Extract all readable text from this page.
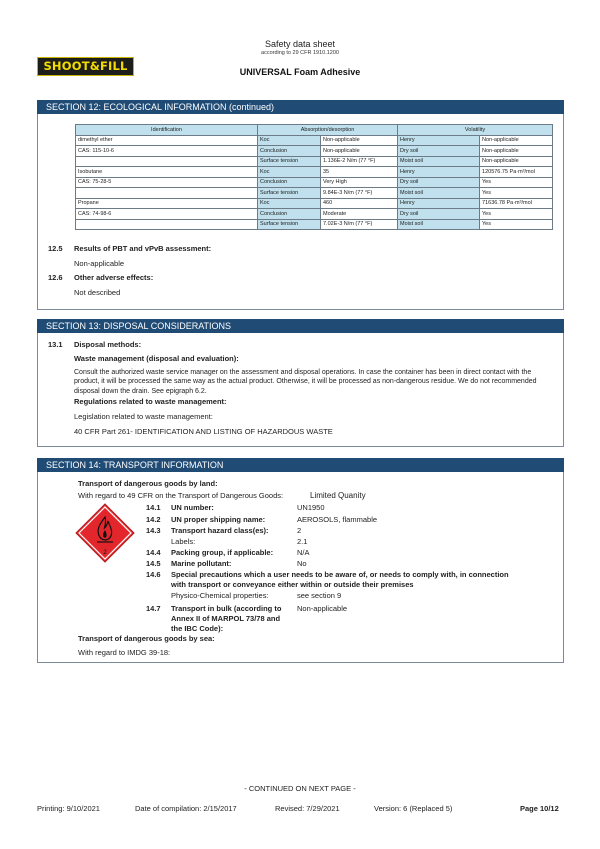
SHOOT&FILL
Safety data sheet
according to 29 CFR 1910.1200
UNIVERSAL Foam Adhesive
SECTION 12: ECOLOGICAL INFORMATION (continued)
Identification	Absorption/desorption		Volatility	
dimethyl ether	Koc	Non-applicable	Henry	Non-applicable
CAS: 115-10-6	Conclusion	Non-applicable	Dry soil	Non-applicable
	Surface tension	1.136E-2 N/m (77 °F)	Moist soil	Non-applicable
Isobutane	Koc	35	Henry	120576.75 Pa·m³/mol
CAS: 75-28-5	Conclusion	Very High	Dry soil	Yes
	Surface tension	9.84E-3 N/m (77 °F)	Moist soil	Yes
Propane	Koc	460	Henry	71636.78 Pa·m³/mol
CAS: 74-98-6	Conclusion	Moderate	Dry soil	Yes
	Surface tension	7.02E-3 N/m (77 °F)	Moist soil	Yes
12.5 Results of PBT and vPvB assessment:
Non-applicable
12.6 Other adverse effects:
Not described
SECTION 13: DISPOSAL CONSIDERATIONS
13.1 Disposal methods:
Waste management (disposal and evaluation):
Consult the authorized waste service manager on the assessment and disposal operations. In case the container has been in direct contact with the product, it will be processed the same way as the actual product. Otherwise, it will be processed as non-dangerous residue. We do not recommended disposal down the drain. See epigraph 6.2.
Regulations related to waste management:
Legislation related to waste management:
40 CFR Part 261- IDENTIFICATION AND LISTING OF HAZARDOUS WASTE
SECTION 14: TRANSPORT INFORMATION
Transport of dangerous goods by land:
With regard to 49 CFR on the Transport of Dangerous Goods:	Limited Quanity
2
14.1 UN number:	UN1950
14.2 UN proper shipping name:	AEROSOLS, flammable
14.3 Transport hazard class(es):	2
Labels:	2.1
14.4 Packing group, if applicable:	N/A
14.5 Marine pollutant:	No
14.6 Special precautions which a user needs to be aware of, or needs to comply with, in connection
with transport or conveyance either within or outside their premises
Physico-Chemical properties:	see section 9
14.7 Transport in bulk (according to
Annex II of MARPOL 73/78 and
the IBC Code):
Non-applicable
Transport of dangerous goods by sea:
With regard to IMDG 39-18:
- CONTINUED ON NEXT PAGE -
Printing: 9/10/2021	Date of compilation: 2/15/2017	Revised: 7/29/2021	Version: 6 (Replaced 5)	Page 10/12
